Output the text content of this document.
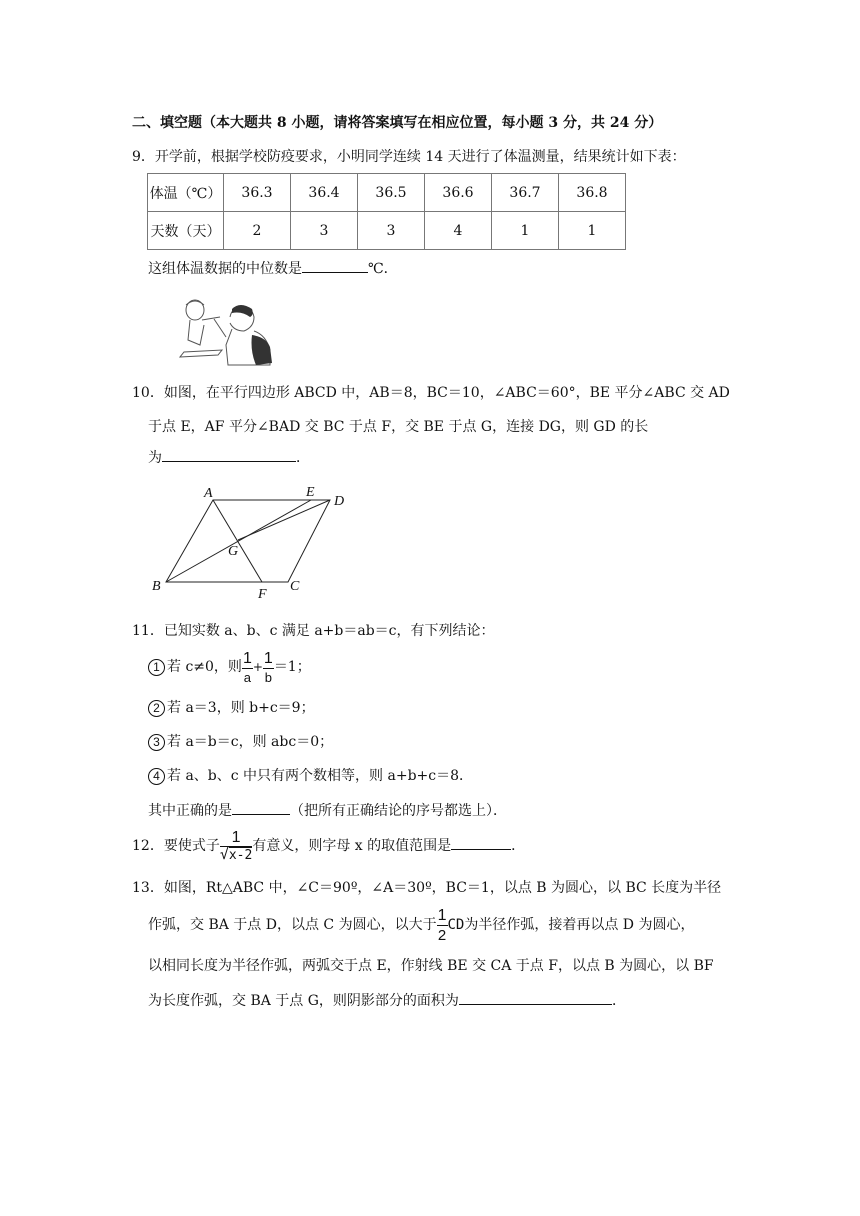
二、填空题（本大题共 8 小题，请将答案填写在相应位置，每小题 3 分，共 24 分）
9．开学前，根据学校防疫要求，小明同学连续 14 天进行了体温测量，结果统计如下表：
体温（℃）	36.3	36.4	36.5	36.6	36.7	36.8
天数（天）	2	3	3	4	1	1
这组体温数据的中位数是	℃．
10．如图，在平行四边形 ABCD 中，AB＝8，BC＝10，∠ABC＝60°，BE 平分∠ABC 交 AD
于点 E，AF 平分∠BAD 交 BC 于点 F，交 BE 于点 G，连接 DG，则 GD 的长
为	．
A	E
D
G
B
F
C
11．已知实数 a、b、c 满足 a+b＝ab＝c，有下列结论：
1 若 c≠0，则 $\frac{1}{a} + \frac{1}{b} =1$；
2 若 a＝3，则 b+c＝9；
3 若 a＝b＝c，则 abc＝0；
4 若 a、b、c 中只有两个数相等，则 a+b+c＝8．
其中正确的是	（把所有正确结论的序号都选上）．
12．要使式子 $\frac{1}{√x-2}$ 有意义，则字母 x 的取值范围是	．
13．如图，Rt△ABC 中，∠C＝90º，∠A＝30º，BC＝1，以点 B 为圆心，以 BC 长度为半径
作弧，交 BA 于点 D，以点 C 为圆心，以大于 $\frac{1}{2}$ CD为半径作弧，接着再以点 D 为圆心，
以相同长度为半径作弧，两弧交于点 E，作射线 BE 交 CA 于点 F，以点 B 为圆心，以 BF
为长度作弧，交 BA 于点 G，则阴影部分的面积为	．
